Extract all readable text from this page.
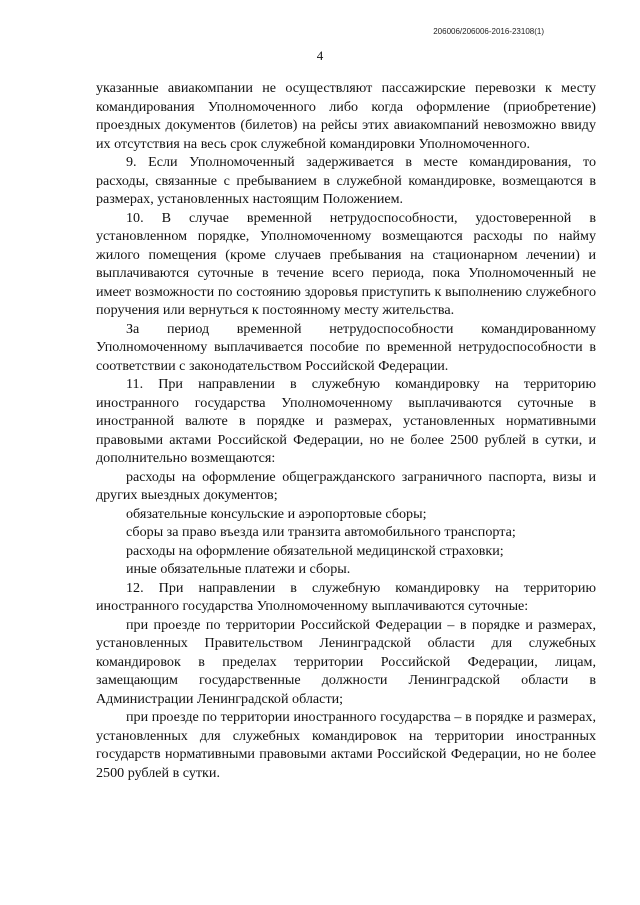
206006/206006-2016-23108(1)
4

указанные авиакомпании не осуществляют пассажирские перевозки к месту командирования Уполномоченного либо когда оформление (приобретение) проездных документов (билетов) на рейсы этих авиакомпаний невозможно ввиду их отсутствия на весь срок служебной командировки Уполномоченного.

9. Если Уполномоченный задерживается в месте командирования, то расходы, связанные с пребыванием в служебной командировке, возмещаются в размерах, установленных настоящим Положением.

10. В случае временной нетрудоспособности, удостоверенной в установленном порядке, Уполномоченному возмещаются расходы по найму жилого помещения (кроме случаев пребывания на стационарном лечении) и выплачиваются суточные в течение всего периода, пока Уполномоченный не имеет возможности по состоянию здоровья приступить к выполнению служебного поручения или вернуться к постоянному месту жительства.

За период временной нетрудоспособности командированному Уполномоченному выплачивается пособие по временной нетрудоспособности в соответствии с законодательством Российской Федерации.

11. При направлении в служебную командировку на территорию иностранного государства Уполномоченному выплачиваются суточные в иностранной валюте в порядке и размерах, установленных нормативными правовыми актами Российской Федерации, но не более 2500 рублей в сутки, и дополнительно возмещаются:

расходы на оформление общегражданского заграничного паспорта, визы и других выездных документов;

обязательные консульские и аэропортовые сборы;

сборы за право въезда или транзита автомобильного транспорта;

расходы на оформление обязательной медицинской страховки;

иные обязательные платежи и сборы.

12. При направлении в служебную командировку на территорию иностранного государства Уполномоченному выплачиваются суточные:

при проезде по территории Российской Федерации – в порядке и размерах, установленных Правительством Ленинградской области для служебных командировок в пределах территории Российской Федерации, лицам, замещающим государственные должности Ленинградской области в Администрации Ленинградской области;

при проезде по территории иностранного государства – в порядке и размерах, установленных для служебных командировок на территории иностранных государств нормативными правовыми актами Российской Федерации, но не более 2500 рублей в сутки.
